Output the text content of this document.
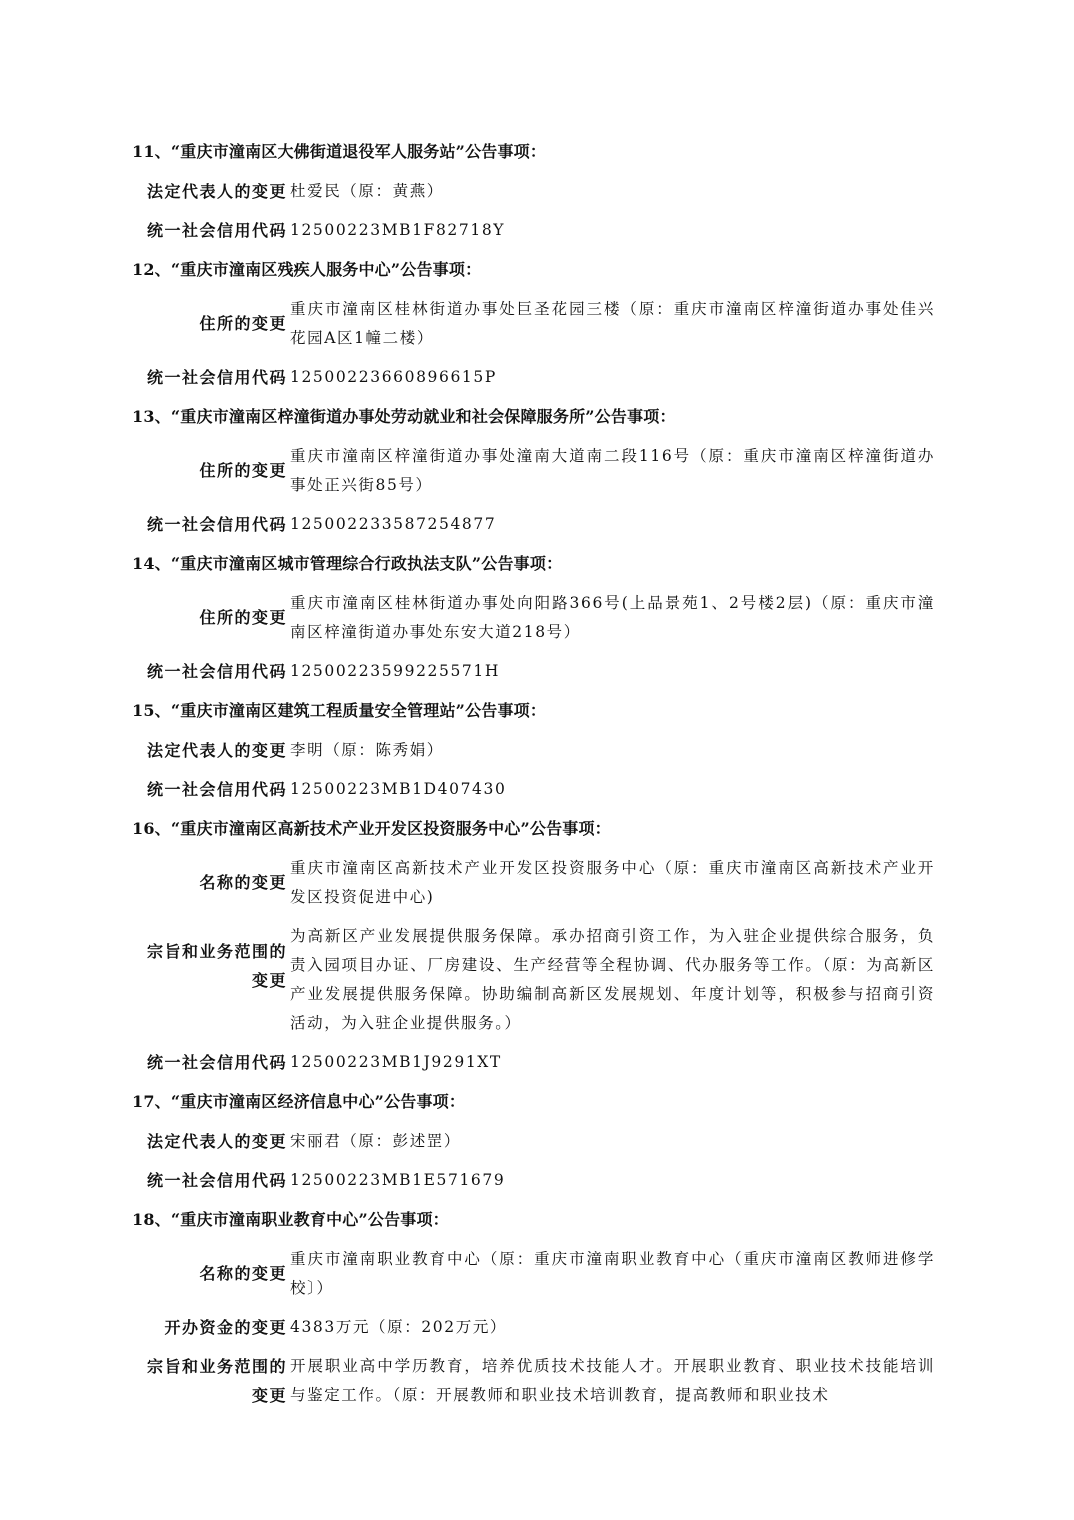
11、“重庆市潼南区大佛街道退役军人服务站”公告事项：
法定代表人的变更 杜爱民（原：黄燕）
统一社会信用代码 12500223MB1F82718Y
12、“重庆市潼南区残疾人服务中心”公告事项：
住所的变更
重庆市潼南区桂林街道办事处巨圣花园三楼（原：重庆市潼南区梓潼街道办事处佳兴花园A区1幢二楼）
统一社会信用代码 12500223660896615P
13、“重庆市潼南区梓潼街道办事处劳动就业和社会保障服务所”公告事项：
住所的变更
重庆市潼南区梓潼街道办事处潼南大道南二段116号（原：重庆市潼南区梓潼街道办事处正兴街85号）
统一社会信用代码 125002233587254877
14、“重庆市潼南区城市管理综合行政执法支队”公告事项：
住所的变更
重庆市潼南区桂林街道办事处向阳路366号(上品景苑1、2号楼2层)（原：重庆市潼南区梓潼街道办事处东安大道218号）
统一社会信用代码 12500223599225571H
15、“重庆市潼南区建筑工程质量安全管理站”公告事项：
法定代表人的变更 李明（原：陈秀娟）
统一社会信用代码 12500223MB1D407430
16、“重庆市潼南区高新技术产业开发区投资服务中心”公告事项：
名称的变更
重庆市潼南区高新技术产业开发区投资服务中心（原：重庆市潼南区高新技术产业开发区投资促进中心)
宗旨和业务范围的
变更
为高新区产业发展提供服务保障。承办招商引资工作，为入驻企业提供综合服务，负责入园项目办证、厂房建设、生产经营等全程协调、代办服务等工作。（原：为高新区产业发展提供服务保障。协助编制高新区发展规划、年度计划等，积极参与招商引资活动，为入驻企业提供服务。）
统一社会信用代码 12500223MB1J9291XT
17、“重庆市潼南区经济信息中心”公告事项：
法定代表人的变更 宋丽君（原：彭述罡）
统一社会信用代码 12500223MB1E571679
18、“重庆市潼南职业教育中心”公告事项：
名称的变更
重庆市潼南职业教育中心（原：重庆市潼南职业教育中心（重庆市潼南区教师进修学校〕）
开办资金的变更 4383万元（原：202万元）
宗旨和业务范围的
变更
开展职业高中学历教育，培养优质技术技能人才。开展职业教育、职业技术技能培训与鉴定工作。（原：开展教师和职业技术培训教育，提高教师和职业技术
